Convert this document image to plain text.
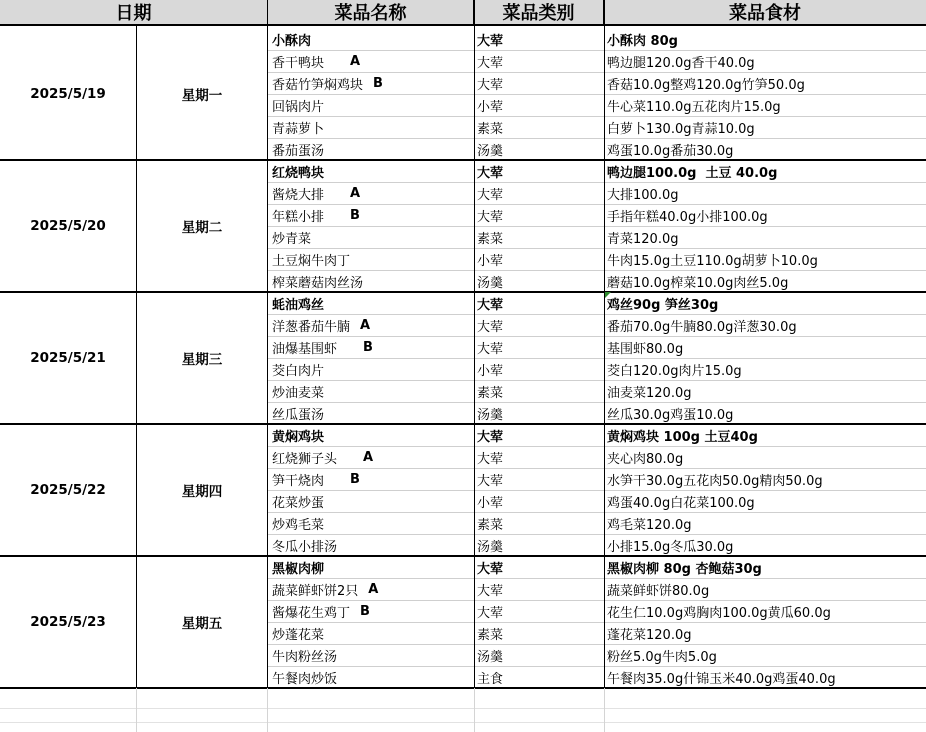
日期	菜品名称	菜品类别	菜品食材
2025/5/19	星期一
小酥肉	大荤	小酥肉 80g
香干鸭块 A	大荤	鸭边腿120.0g香干40.0g
香菇竹笋焖鸡块 B	大荤	香菇10.0g整鸡120.0g竹笋50.0g
回锅肉片	小荤	牛心菜110.0g五花肉片15.0g
青蒜萝卜	素菜	白萝卜130.0g青蒜10.0g
番茄蛋汤	汤羹	鸡蛋10.0g番茄30.0g
2025/5/20	星期二
红烧鸭块	大荤	鸭边腿100.0g  土豆 40.0g
酱烧大排 A	大荤	大排100.0g
年糕小排 B	大荤	手指年糕40.0g小排100.0g
炒青菜	素菜	青菜120.0g
土豆焖牛肉丁	小荤	牛肉15.0g土豆110.0g胡萝卜10.0g
榨菜蘑菇肉丝汤	汤羹	蘑菇10.0g榨菜10.0g肉丝5.0g
2025/5/21	星期三
蚝油鸡丝	大荤	鸡丝90g 笋丝30g
洋葱番茄牛腩 A	大荤	番茄70.0g牛腩80.0g洋葱30.0g
油爆基围虾 B	大荤	基围虾80.0g
茭白肉片	小荤	茭白120.0g肉片15.0g
炒油麦菜	素菜	油麦菜120.0g
丝瓜蛋汤	汤羹	丝瓜30.0g鸡蛋10.0g
2025/5/22	星期四
黄焖鸡块	大荤	黄焖鸡块 100g 土豆40g
红烧狮子头 A	大荤	夹心肉80.0g
笋干烧肉 B	大荤	水笋干30.0g五花肉50.0g精肉50.0g
花菜炒蛋	小荤	鸡蛋40.0g白花菜100.0g
炒鸡毛菜	素菜	鸡毛菜120.0g
冬瓜小排汤	汤羹	小排15.0g冬瓜30.0g
2025/5/23	星期五
黑椒肉柳	大荤	黑椒肉柳 80g 杏鲍菇30g
蔬菜鲜虾饼2只 A	大荤	蔬菜鲜虾饼80.0g
酱爆花生鸡丁 B	大荤	花生仁10.0g鸡胸肉100.0g黄瓜60.0g
炒蓬花菜	素菜	蓬花菜120.0g
牛肉粉丝汤	汤羹	粉丝5.0g牛肉5.0g
午餐肉炒饭	主食	午餐肉35.0g什锦玉米40.0g鸡蛋40.0g
